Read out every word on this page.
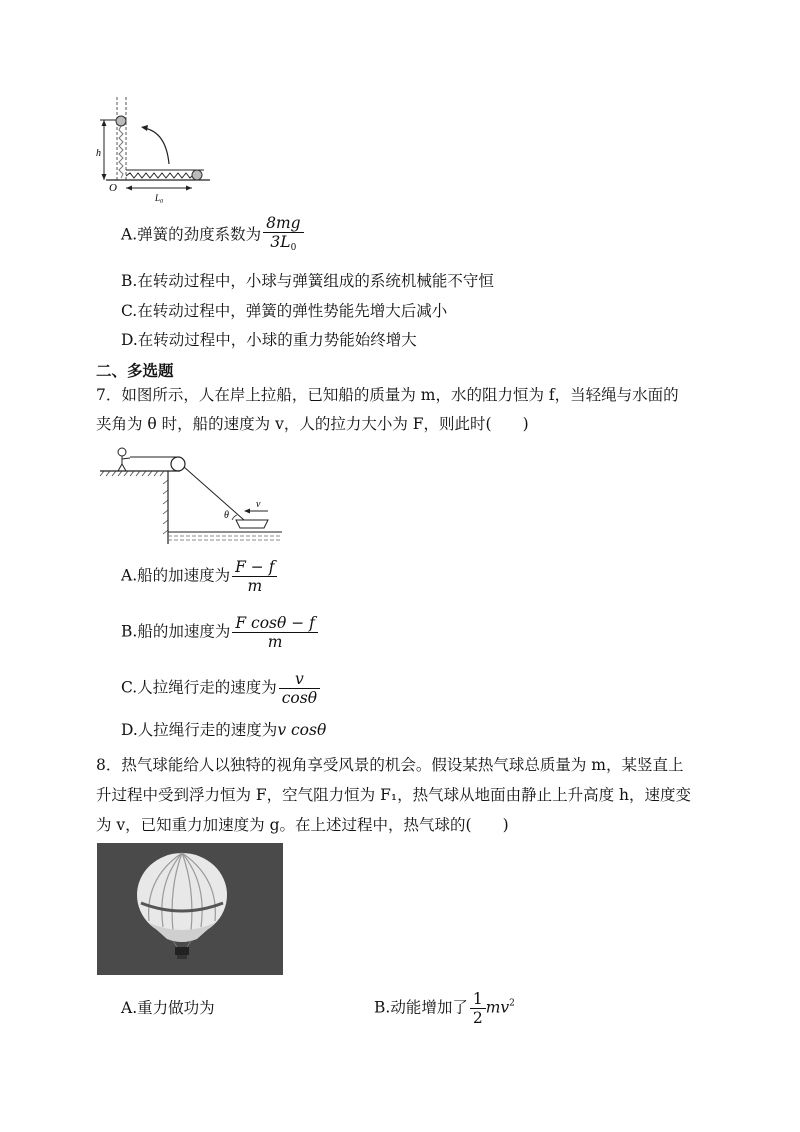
h
O
$L_0$
A.弹簧的劲度系数为 $\frac{8mg}{3L_0}$
B.在转动过程中，小球与弹簧组成的系统机械能不守恒
C.在转动过程中，弹簧的弹性势能先增大后减小
D.在转动过程中，小球的重力势能始终增大
二、多选题
7．如图所示，人在岸上拉船，已知船的质量为 m，水的阻力恒为 f，当轻绳与水面的
夹角为 θ 时，船的速度为 v，人的拉力大小为 F，则此时(　　)
θ
v
A.船的加速度为 $\frac{F - f}{m}$
B.船的加速度为 $\frac{\text{F cosθ − f}}{m}$
C.人拉绳行走的速度为 $\frac{v}{\cos\theta}$
D.人拉绳行走的速度为v cosθ
8．热气球能给人以独特的视角享受风景的机会。假设某热气球总质量为 m，某竖直上
升过程中受到浮力恒为 F，空气阻力恒为 F₁，热气球从地面由静止上升高度 h，速度变
为 v，已知重力加速度为 g。在上述过程中，热气球的(　　)
A.重力做功为	B.动能增加了 $\frac{1}{2} mv^2$
